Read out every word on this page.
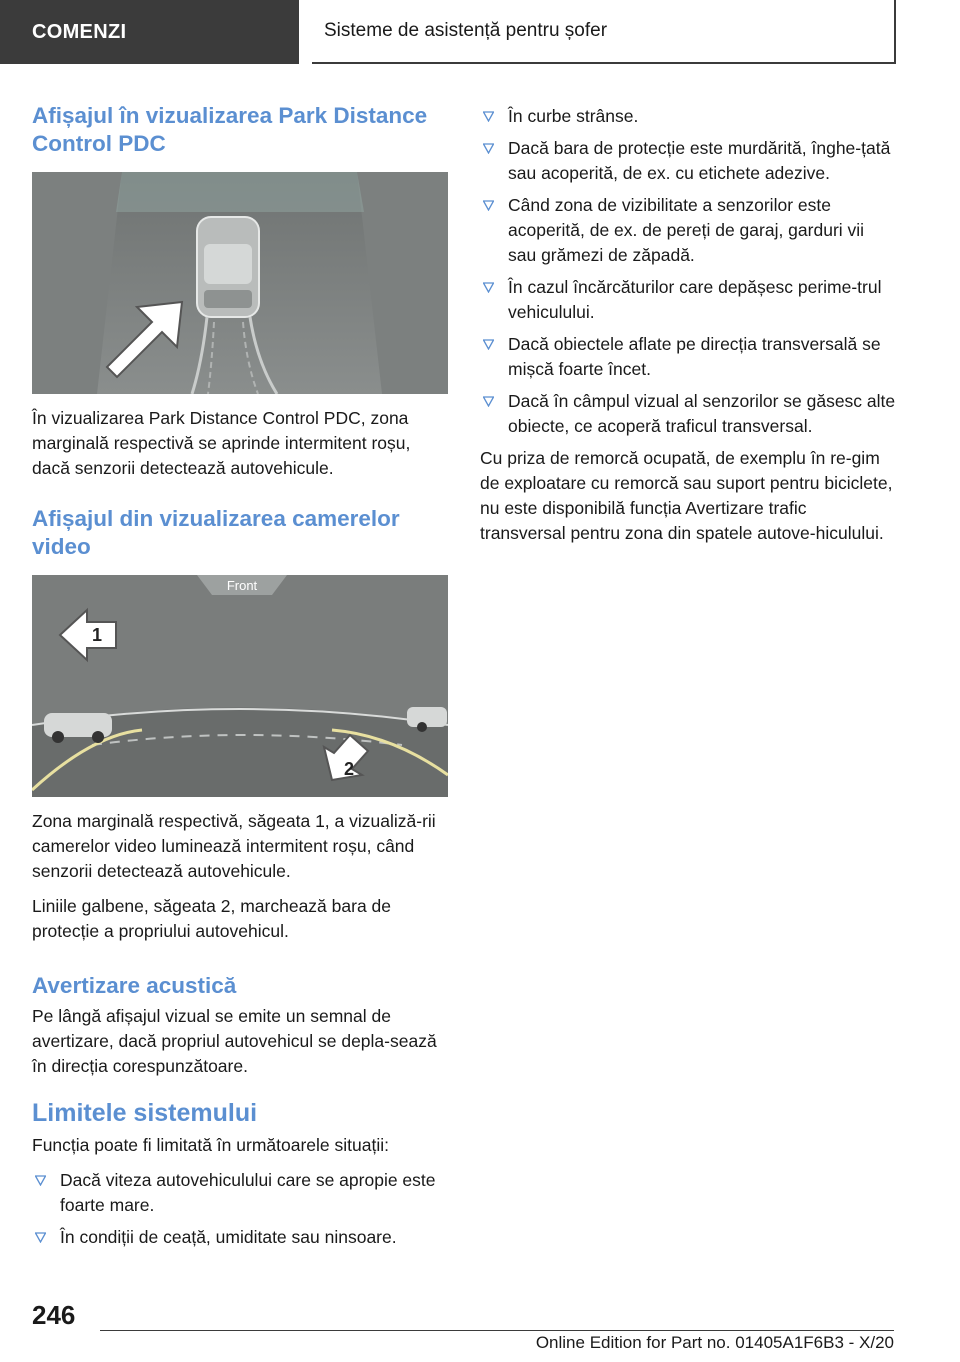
COMENZI	Sisteme de asistență pentru șofer
Afișajul în vizualizarea Park Distance Control PDC

În vizualizarea Park Distance Control PDC, zona marginală respectivă se aprinde intermitent roșu, dacă senzorii detectează autovehicule.

Afișajul din vizualizarea camerelor video
Front
1
2

Zona marginală respectivă, săgeata 1, a vizualiză‐rii camerelor video luminează intermitent roșu, când senzorii detectează autovehicule.

Liniile galbene, săgeata 2, marchează bara de protecție a propriului autovehicul.

Avertizare acustică

Pe lângă afișajul vizual se emite un semnal de avertizare, dacă propriul autovehicul se depla‐sează în direcția corespunzătoare.

Limitele sistemului

Funcția poate fi limitată în următoarele situații:

Dacă viteza autovehiculului care se apropie este foarte mare.
În condiții de ceață, umiditate sau ninsoare.
În curbe strânse.
Dacă bara de protecție este murdărită, înghe‐țată sau acoperită, de ex. cu etichete adezive.
Când zona de vizibilitate a senzorilor este acoperită, de ex. de pereți de garaj, garduri vii sau grămezi de zăpadă.
În cazul încărcăturilor care depășesc perime‐trul vehiculului.
Dacă obiectele aflate pe direcția transversală se mișcă foarte încet.
Dacă în câmpul vizual al senzorilor se găsesc alte obiecte, ce acoperă traficul transversal.

Cu priza de remorcă ocupată, de exemplu în re‐gim de exploatare cu remorcă sau suport pentru biciclete, nu este disponibilă funcția Avertizare trafic transversal pentru zona din spatele autove‐hiculului.

246
Online Edition for Part no. 01405A1F6B3 - X/20
